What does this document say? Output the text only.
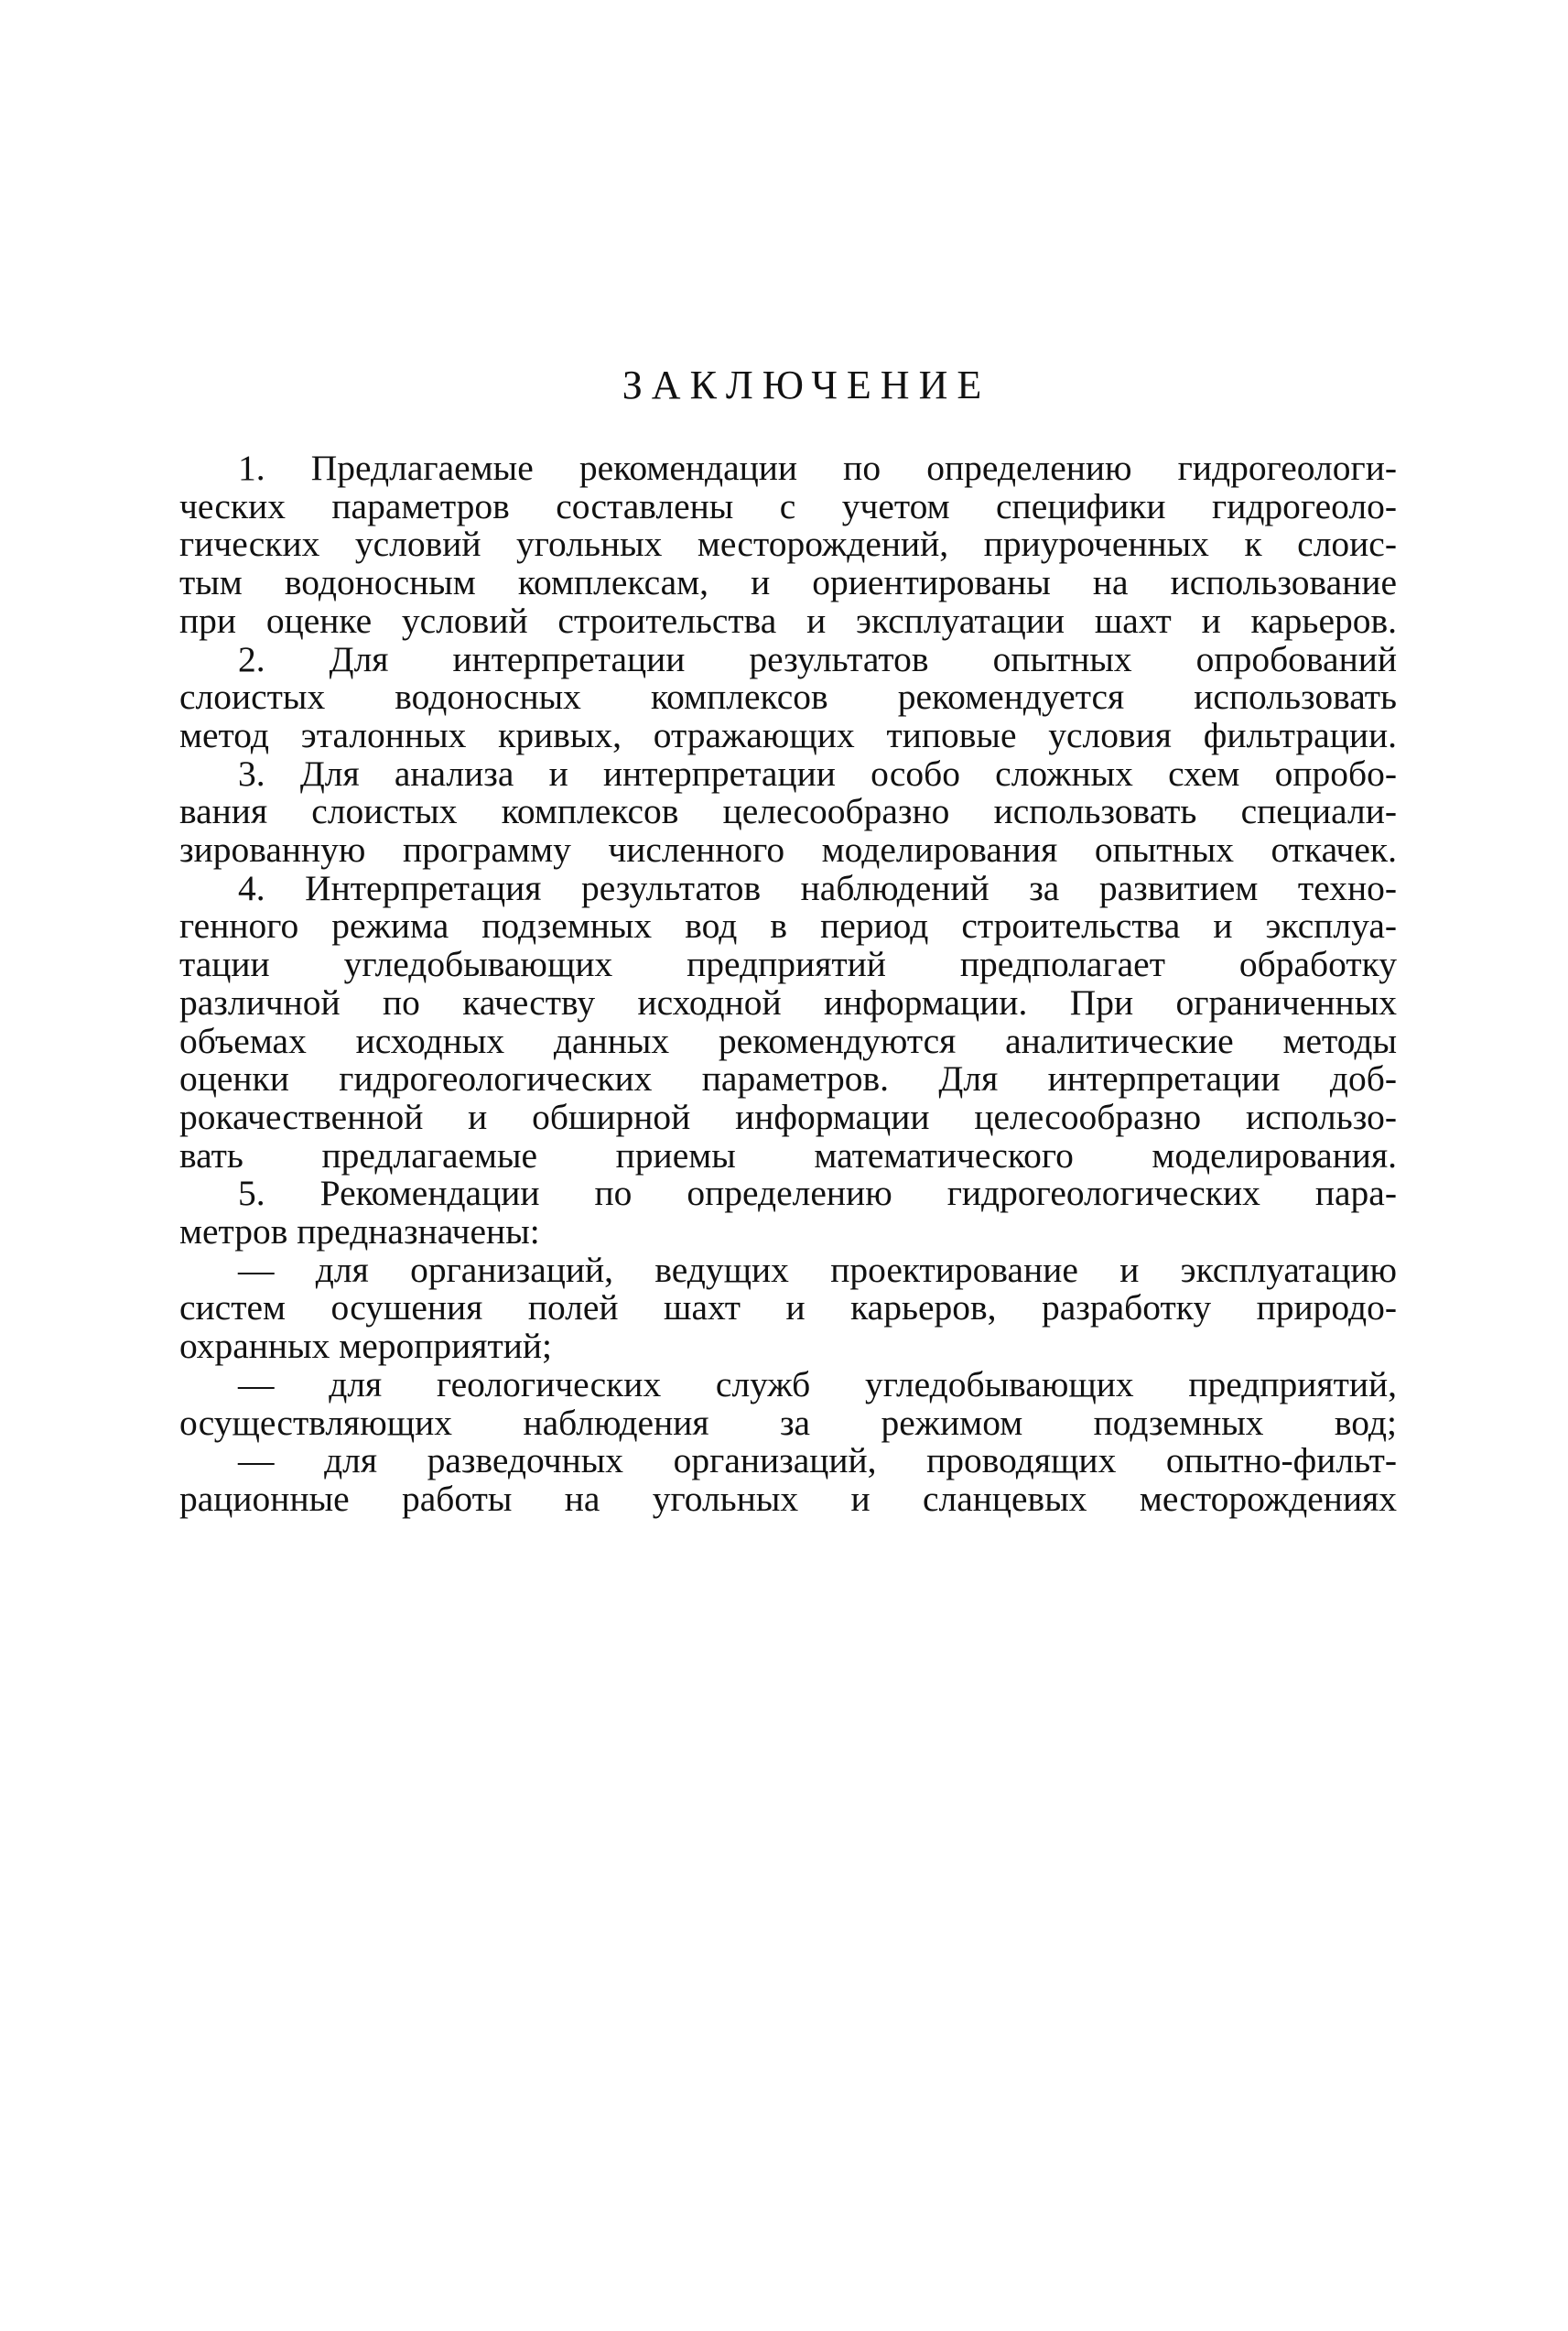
ЗАКЛЮЧЕНИЕ
1. Предлагаемые рекомендации по определению гидрогеологи-
ческих параметров составлены с учетом специфики гидрогеоло-
гических условий угольных месторождений, приуроченных к слоис-
тым водоносным комплексам, и ориентированы на использование
при оценке условий строительства и эксплуатации шахт и карьеров.
2. Для интерпретации результатов опытных опробований
слоистых водоносных комплексов рекомендуется использовать
метод эталонных кривых, отражающих типовые условия фильтрации.
3. Для анализа и интерпретации особо сложных схем опробо-
вания слоистых комплексов целесообразно использовать специали-
зированную программу численного моделирования опытных откачек.
4. Интерпретация результатов наблюдений за развитием техно-
генного режима подземных вод в период строительства и эксплуа-
тации угледобывающих предприятий предполагает обработку
различной по качеству исходной информации. При ограниченных
объемах исходных данных рекомендуются аналитические методы
оценки гидрогеологических параметров. Для интерпретации доб-
рокачественной и обширной информации целесообразно использо-
вать предлагаемые приемы математического моделирования.
5. Рекомендации по определению гидрогеологических пара-
метров предназначены:
— для организаций, ведущих проектирование и эксплуатацию
систем осушения полей шахт и карьеров, разработку природо-
охранных мероприятий;
— для геологических служб угледобывающих предприятий,
осуществляющих наблюдения за режимом подземных вод;
— для разведочных организаций, проводящих опытно-фильт-
рационные работы на угольных и сланцевых месторождениях
